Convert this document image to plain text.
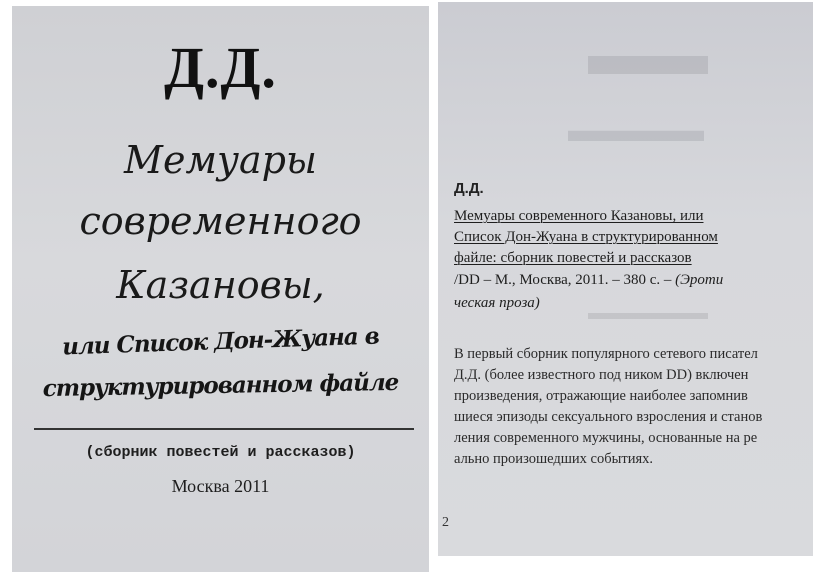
Д.Д.
Мемуары
современного
Казановы,
или Список Дон-Жуана в
структурированном файле
(сборник повестей и рассказов)
Москва 2011
▬▬
▬▬▬▬
▬▬▬▬▬▬
Д.Д.
Мемуары современного Казановы, или
Список Дон-Жуана в структурированном
файле: сборник повестей и рассказов
/DD – М., Москва, 2011. – 380 с. – (Эроти
ческая проза)
В первый сборник популярного сетевого писател
Д.Д. (более известного под ником DD) включен
произведения, отражающие наиболее запомнив
шиеся эпизоды сексуального взросления и станов
ления современного мужчины, основанные на ре
ально произошедших событиях.
2
